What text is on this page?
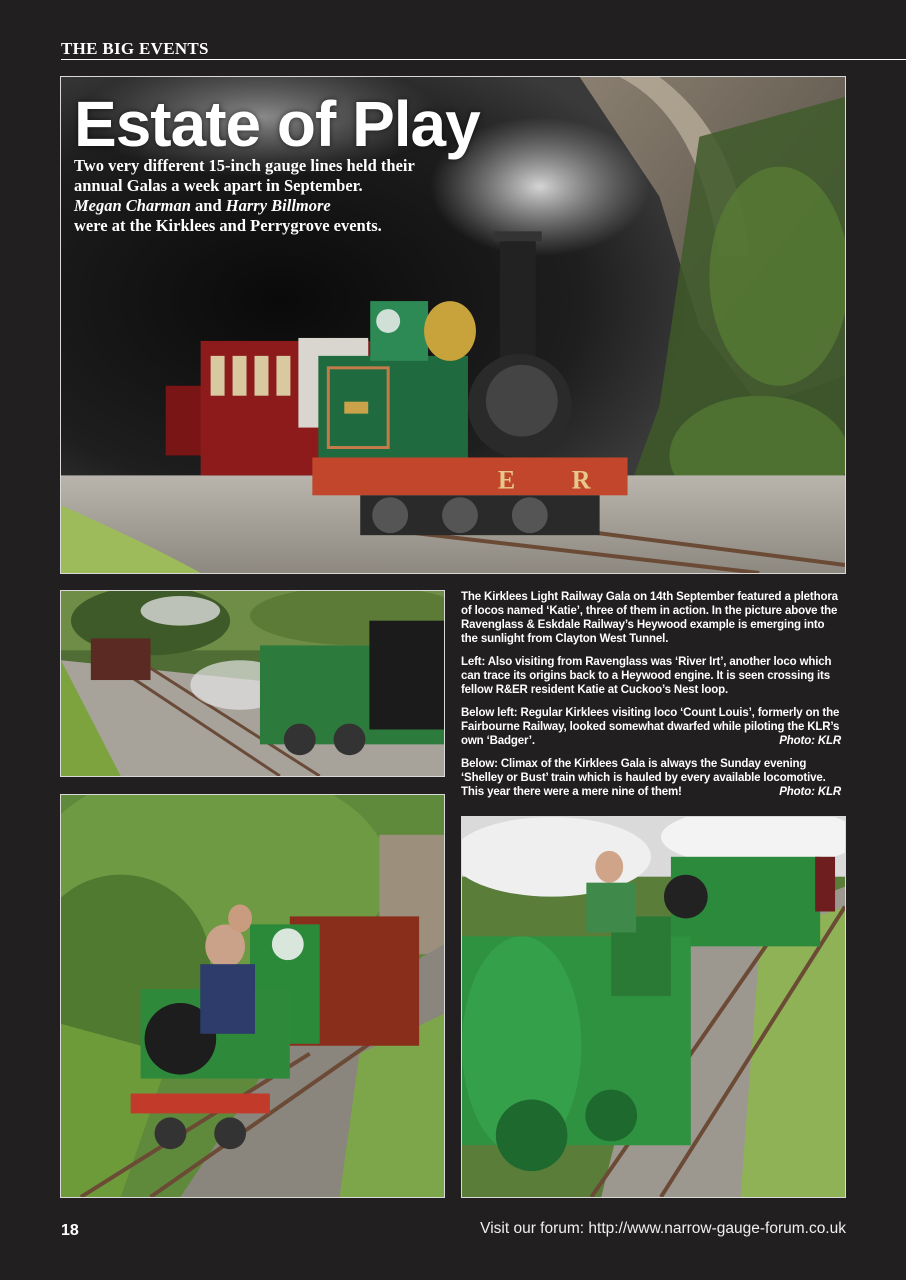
THE BIG EVENTS
E R
Estate of Play
Two very different 15-inch gauge lines held their annual Galas a week apart in September.
Megan Charman and Harry Billmore
were at the Kirklees and Perrygrove events.

The Kirklees Light Railway Gala on 14th September featured a plethora of locos named ‘Katie’, three of them in action. In the picture above the Ravenglass & Eskdale Railway’s Heywood example is emerging into the sunlight from Clayton West Tunnel.

Left: Also visiting from Ravenglass was ‘River Irt’, another loco which can trace its origins back to a Heywood engine. It is seen crossing its fellow R&ER resident Katie at Cuckoo’s Nest loop.

Below left: Regular Kirklees visiting loco ‘Count Louis’, formerly on the Fairbourne Railway, looked somewhat dwarfed while piloting the KLR’s own ‘Badger’.	Photo: KLR

Below: Climax of the Kirklees Gala is always the Sunday evening ‘Shelley or Bust’ train which is hauled by every available locomotive. This year there were a mere nine of them!	Photo: KLR

18	Visit our forum: http://www.narrow-gauge-forum.co.uk
